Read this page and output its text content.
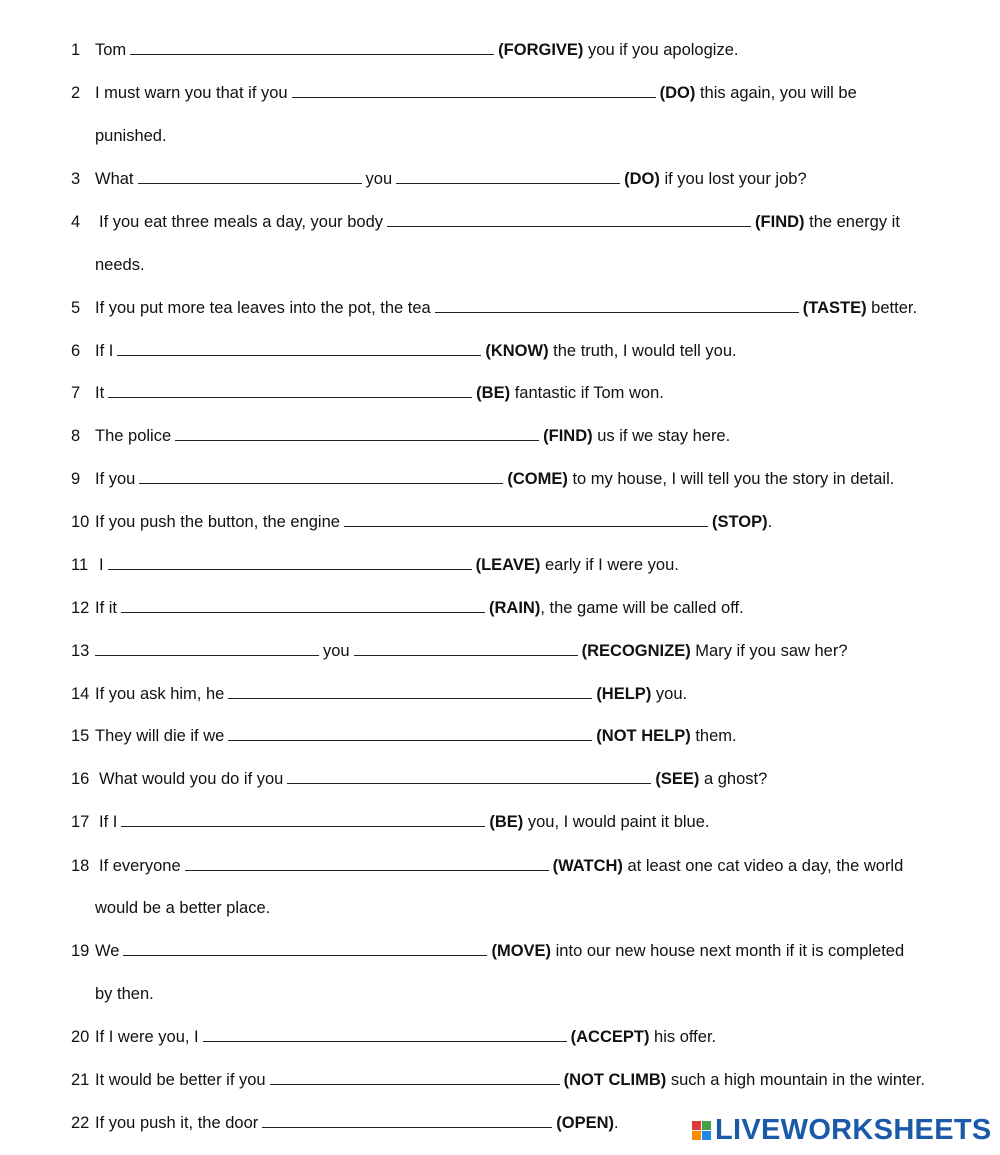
1 Tom	(FORGIVE) you if you apologize.
2 I must warn you that if you	(DO) this again, you will be
punished.
3 What	you	(DO) if you lost your job?
4 If you eat three meals a day, your body	(FIND) the energy it
needs.
5 If you put more tea leaves into the pot, the tea	(TASTE) better.
6 If I	(KNOW) the truth, I would tell you.
7 It	(BE) fantastic if Tom won.
8 The police	(FIND) us if we stay here.
9 If you	(COME) to my house, I will tell you the story in detail.
10 If you push the button, the engine	(STOP).
11 I	(LEAVE) early if I were you.
12 If it	(RAIN), the game will be called off.
13	you	(RECOGNIZE) Mary if you saw her?
14 If you ask him, he	(HELP) you.
15 They will die if we	(NOT HELP) them.
16 What would you do if you	(SEE) a ghost?
17 If I	(BE) you, I would paint it blue.
18 If everyone	(WATCH) at least one cat video a day, the world
would be a better place.
19 We	(MOVE) into our new house next month if it is completed
by then.
20 If I were you, I	(ACCEPT) his offer.
21 It would be better if you	(NOT CLIMB) such a high mountain in the winter.
22 If you push it, the door	(OPEN).	LIVEWORKSHEETS
